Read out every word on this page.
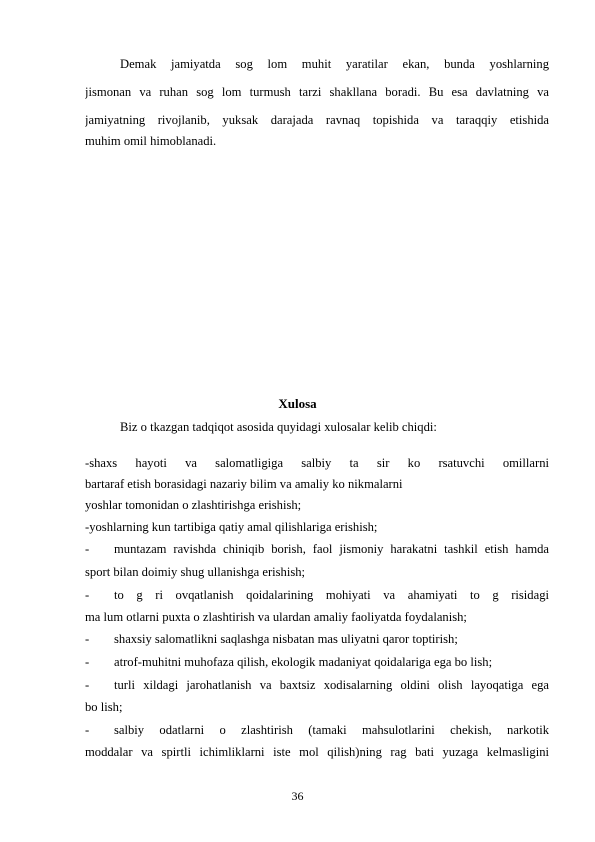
Demak jamiyatda sog lom muhit yaratilar ekan, bunda yoshlarning
jismonan va ruhan sog lom turmush tarzi shakllana boradi. Bu esa davlatning va
jamiyatning rivojlanib, yuksak darajada ravnaq topishida va taraqqiy etishida
muhim omil himoblanadi.
Xulosa
Biz o tkazgan tadqiqot asosida quyidagi xulosalar kelib chiqdi:
-shaxs hayoti va salomatligiga salbiy ta sir ko rsatuvchi omillarni
bartaraf etish borasidagi nazariy bilim va amaliy ko nikmalarni
yoshlar tomonidan o zlashtirishga erishish;
-yoshlarning kun tartibiga qatiy amal qilishlariga erishish;
- muntazam ravishda chiniqib borish, faol jismoniy harakatni tashkil etish hamda
sport bilan doimiy shug ullanishga erishish;
- to g ri ovqatlanish qoidalarining mohiyati va ahamiyati to g risidagi
ma lum otlarni puxta o zlashtirish va ulardan amaliy faoliyatda foydalanish;
- shaxsiy salomatlikni saqlashga nisbatan mas uliyatni qaror toptirish;
- atrof-muhitni muhofaza qilish, ekologik madaniyat qoidalariga ega bo lish;
- turli xildagi jarohatlanish va baxtsiz xodisalarning oldini olish layoqatiga ega
bo lish;
- salbiy odatlarni o zlashtirish (tamaki mahsulotlarini chekish, narkotik
moddalar va spirtli ichimliklarni iste mol qilish)ning rag bati yuzaga kelmasligini
36
